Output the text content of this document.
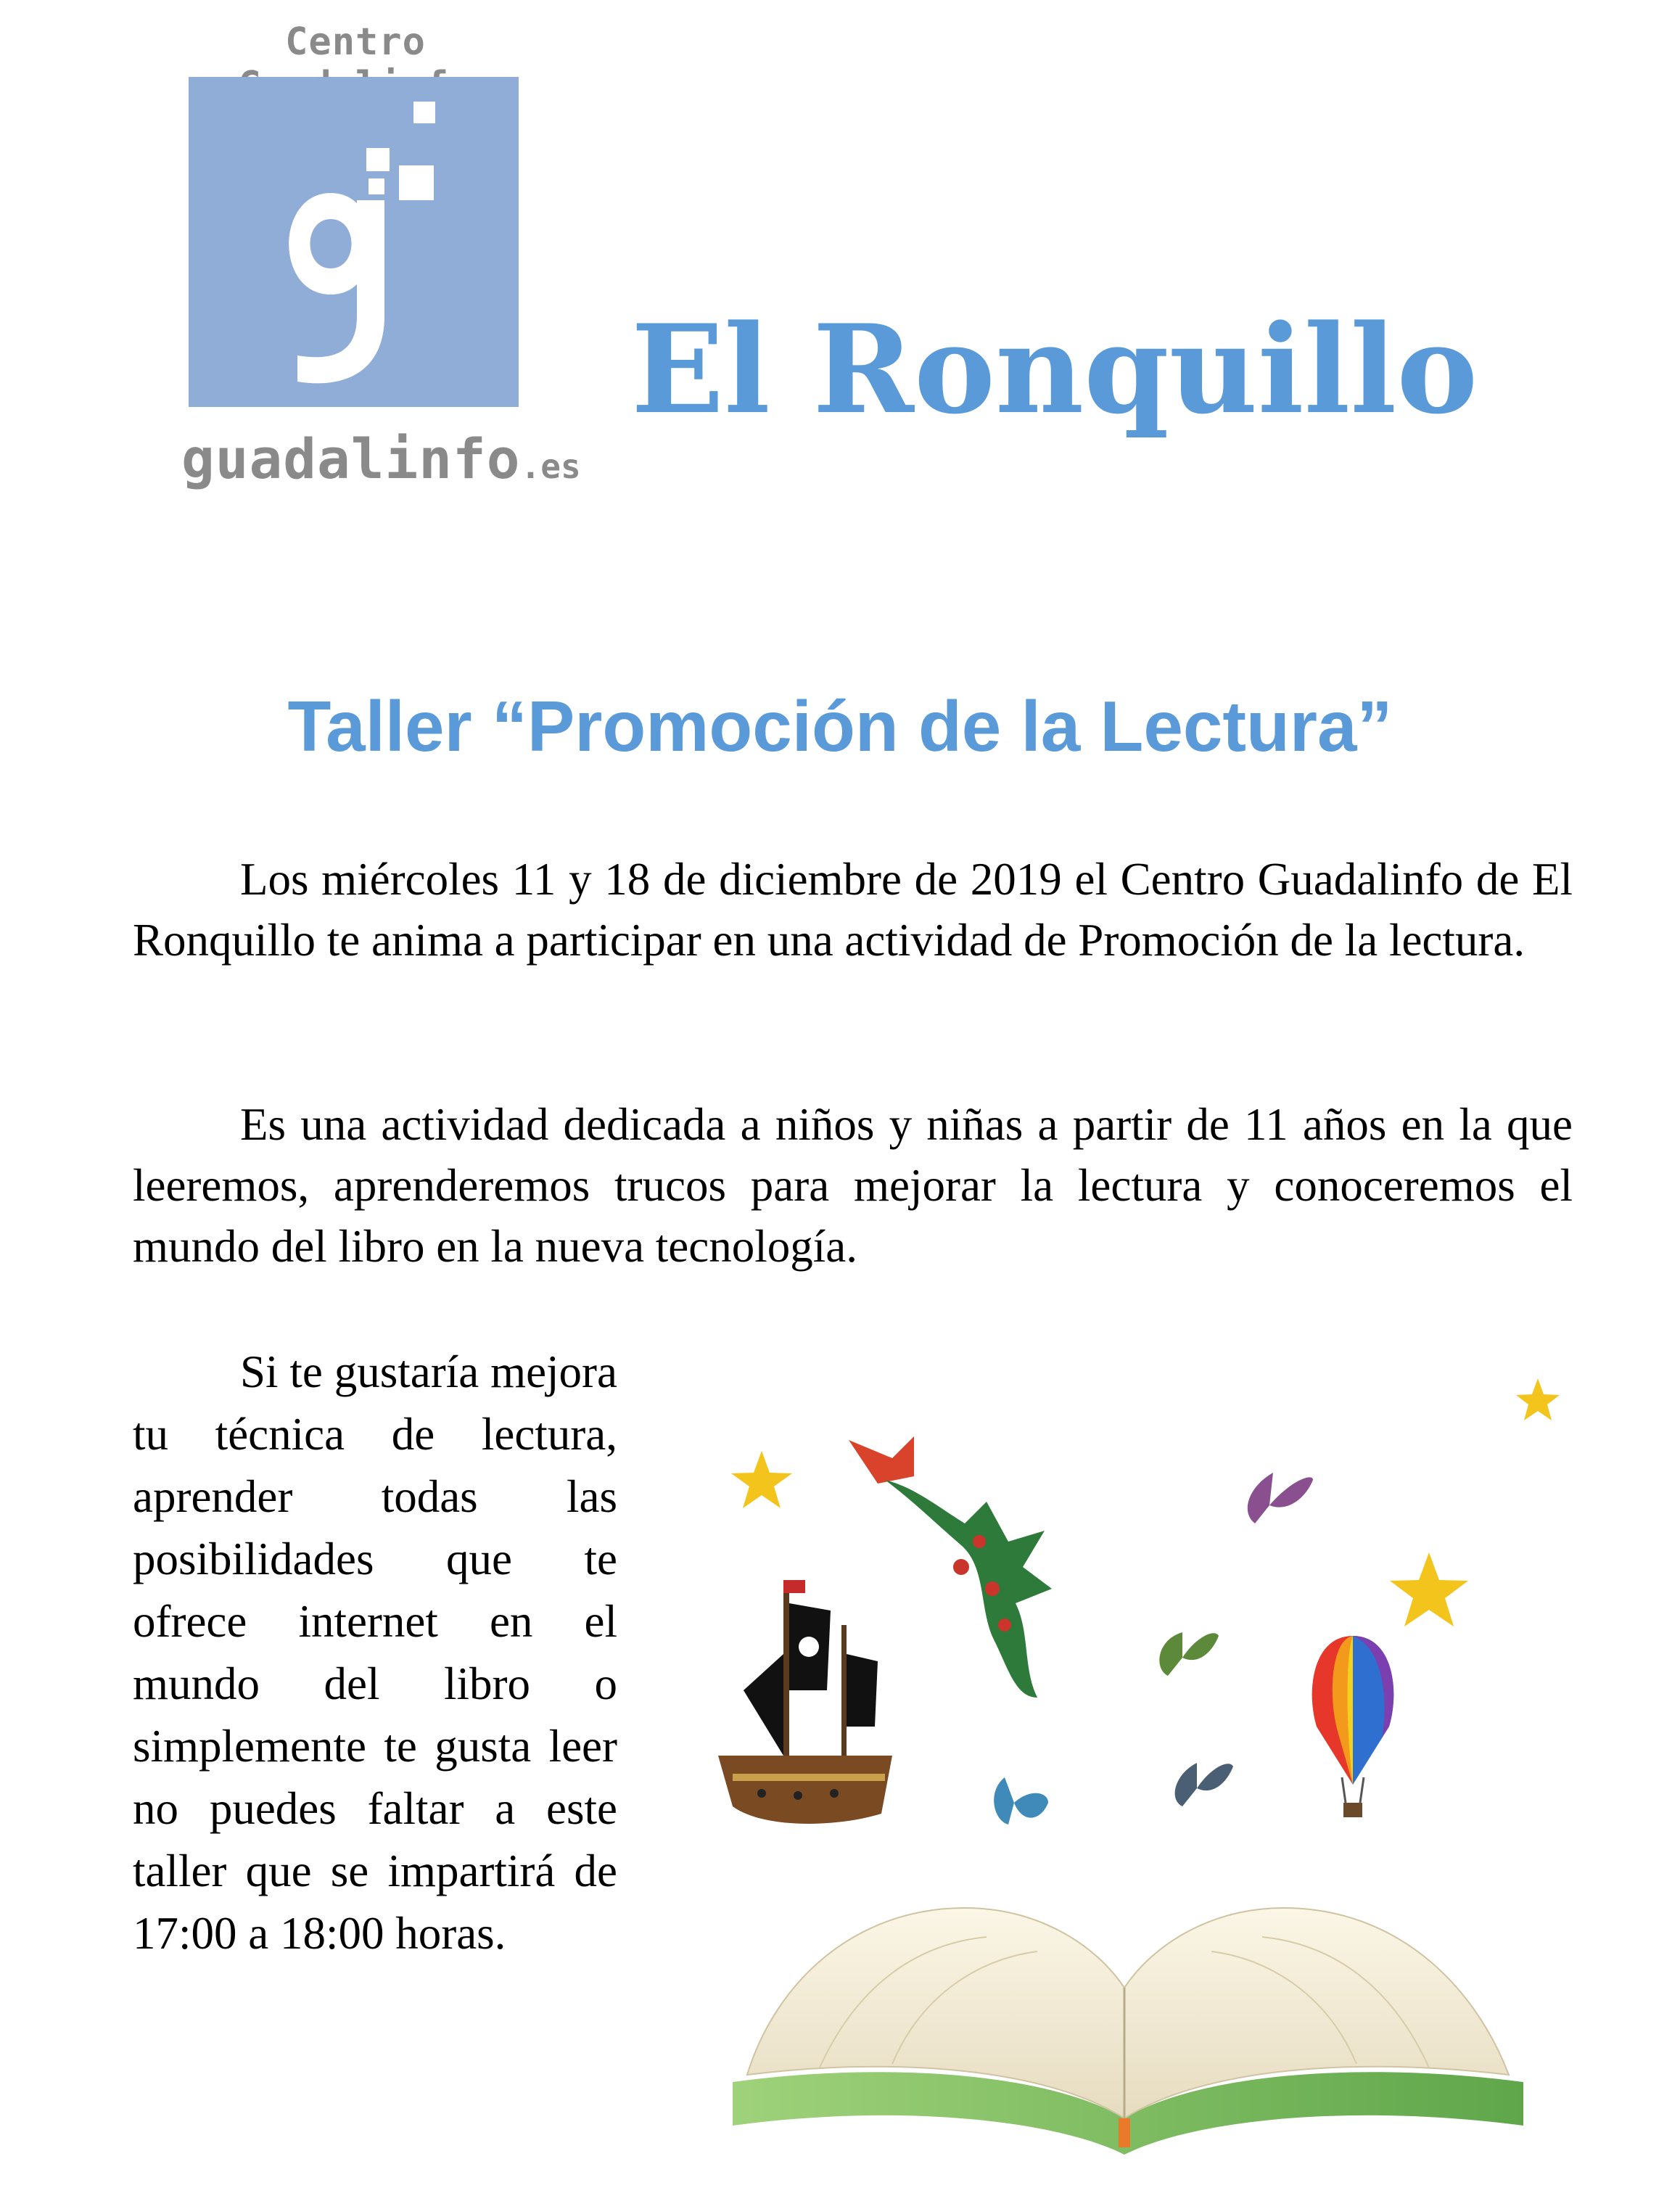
Centro
guadalinfo.es
El Ronquillo
Taller “Promoción de la Lectura”

Los miércoles 11 y 18 de diciembre de 2019 el Centro Guadalinfo de El Ronquillo te anima a participar en una actividad de Promoción de la lectura.

Es una actividad dedicada a niños y niñas a partir de 11 años en la que leeremos, aprenderemos trucos para mejorar la lectura y conoceremos el mundo del libro en la nueva tecnología.

Si te gustaría mejora tu técnica de lectura, aprender todas las posibilidades que te ofrece internet en el mundo del libro o simplemente te gusta leer no puedes faltar a este taller que se impartirá de 17:00 a 18:00 horas.
